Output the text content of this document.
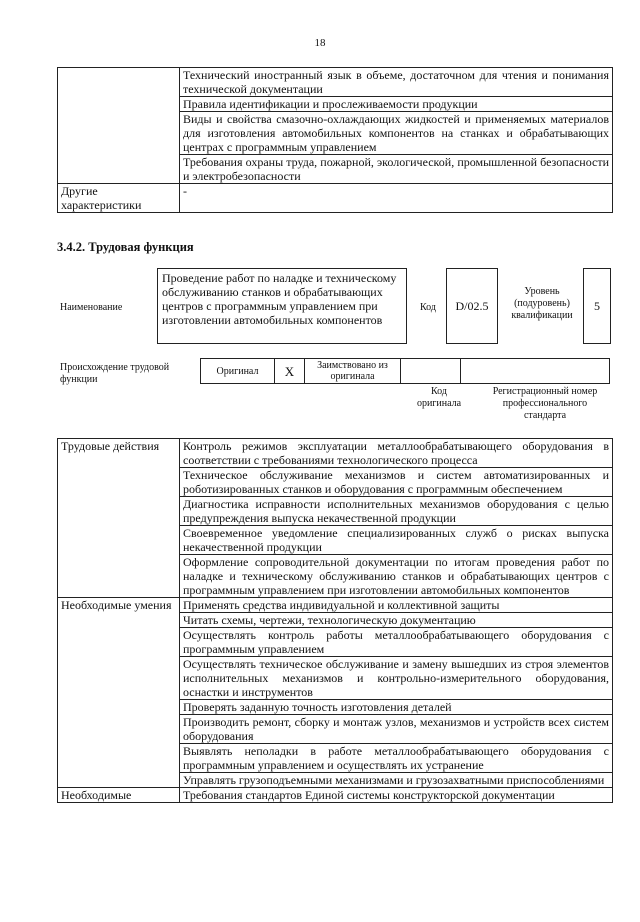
18
	Технический иностранный язык в объеме, достаточном для чтения и понимания технической документации
	Правила идентификации и прослеживаемости продукции
	Виды и свойства смазочно-охлаждающих жидкостей и применяемых материалов для изготовления автомобильных компонентов на станках и обрабатывающих центрах с программным управлением
	Требования охраны труда, пожарной, экологической, промышленной безопасности и электробезопасности
Другие характеристики	-
3.4.2. Трудовая функция
Наименование
Проведение работ по наладке и техническому обслуживанию станков и обрабатывающих центров с программным управлением при изготовлении автомобильных компонентов
Код	D/02.5
Уровень (подуровень) квалификации
5
Происхождение трудовой функции
Оригинал	X	Заимствовано из оригинала		
Код оригинала
Регистрационный номер профессионального стандарта
Трудовые действия	Контроль режимов эксплуатации металлообрабатывающего оборудования в соответствии с требованиями технологического процесса
	Техническое обслуживание механизмов и систем автоматизированных и роботизированных станков и оборудования с программным обеспечением
	Диагностика исправности исполнительных механизмов оборудования с целью предупреждения выпуска некачественной продукции
	Своевременное уведомление специализированных служб о рисках выпуска некачественной продукции
	Оформление сопроводительной документации по итогам проведения работ по наладке и техническому обслуживанию станков и обрабатывающих центров с программным управлением при изготовлении автомобильных компонентов
Необходимые умения	Применять средства индивидуальной и коллективной защиты
	Читать схемы, чертежи, технологическую документацию
	Осуществлять контроль работы металлообрабатывающего оборудования с программным управлением
	Осуществлять техническое обслуживание и замену вышедших из строя элементов исполнительных механизмов и контрольно-измерительного оборудования, оснастки и инструментов
	Проверять заданную точность изготовления деталей
	Производить ремонт, сборку и монтаж узлов, механизмов и устройств всех систем оборудования
	Выявлять неполадки в работе металлообрабатывающего оборудования с программным управлением и осуществлять их устранение
	Управлять грузоподъемными механизмами и грузозахватными приспособлениями
Необходимые	Требования стандартов Единой системы конструкторской документации
